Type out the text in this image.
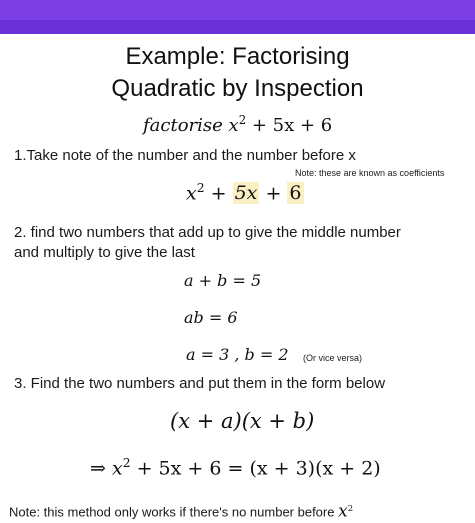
Example: Factorising
Quadratic by Inspection
factorise $x^2 + 5x + 6$
1.Take note of the number and the number before x
Note: these are known as coefficients
$x^2 + 5x + 6$
2. find two numbers that add up to give the middle number
and multiply to give the last
a + b = 5
ab = 6
a = 3 , b = 2 (Or vice versa)
3. Find the two numbers and put them in the form below
(x + a)(x + b)
⇒ $x^2 + 5x + 6 = (x + 3)(x + 2)$
Note: this method only works if there's no number before $x^2$
